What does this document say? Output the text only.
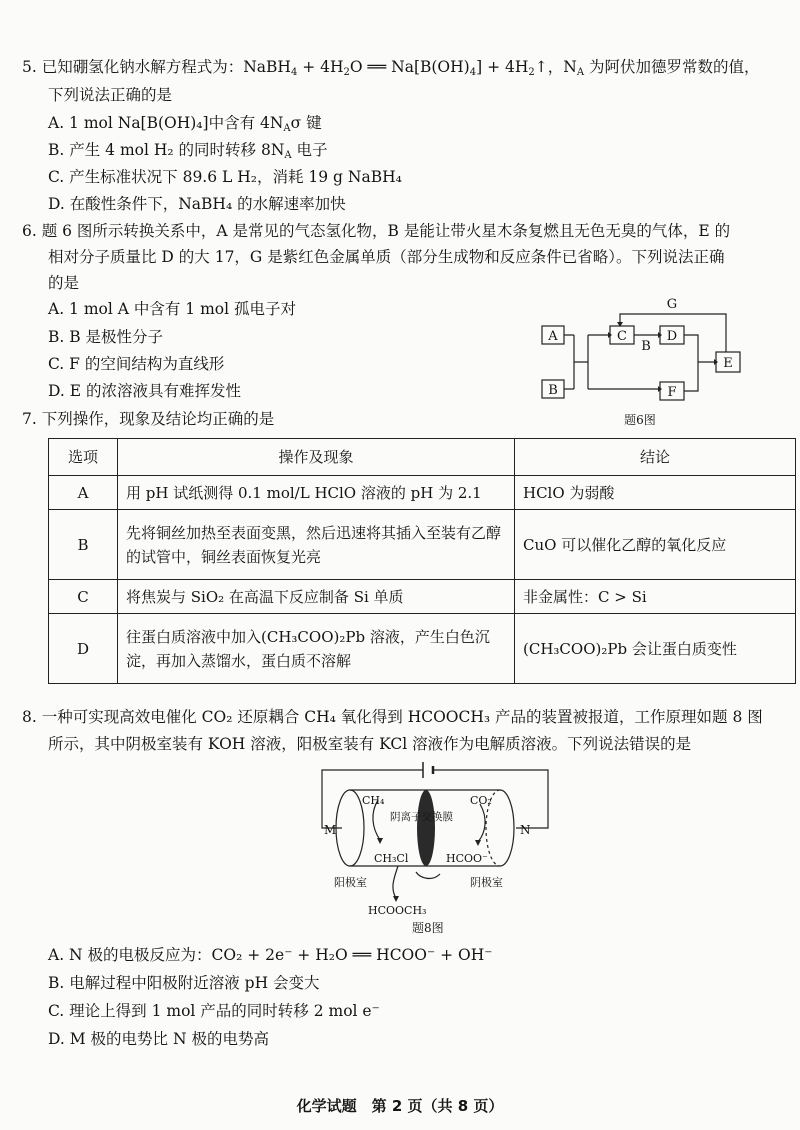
5. 已知硼氢化钠水解方程式为：NaBH$_4$ + $4H_2O$ ══ $Na[B(OH)_4]$ + $4H_2↑$，$N_A$ 为阿伏加德罗常数的值，
下列说法正确的是
A. 1 mol Na[B(OH)₄]中含有 $4N_A\sigma$ 键
B. 产生 4 mol H₂ 的同时转移 $8N_A$ 电子
C. 产生标准状况下 89.6 L H₂，消耗 19 g NaBH₄
D. 在酸性条件下，NaBH₄ 的水解速率加快
6. 题 6 图所示转换关系中，A 是常见的气态氢化物，B 是能让带火星木条复燃且无色无臭的气体，E 的
相对分子质量比 D 的大 17，G 是紫红色金属单质（部分生成物和反应条件已省略）。下列说法正确
的是
A. 1 mol A 中含有 1 mol 孤电子对
B. B 是极性分子
C. F 的空间结构为直线形
D. E 的浓溶液具有难挥发性
A
B
C	D
E
F
G
B
题6图
7. 下列操作，现象及结论均正确的是
选项	操作及现象	结论
A	用 pH 试纸测得 0.1 mol/L HClO 溶液的 pH 为 2.1	HClO 为弱酸
B	先将铜丝加热至表面变黑，然后迅速将其插入至装有乙醇的试管中，铜丝表面恢复光亮	CuO 可以催化乙醇的氧化反应
C	将焦炭与 SiO₂ 在高温下反应制备 Si 单质	非金属性：C > Si
D	往蛋白质溶液中加入(CH₃COO)₂Pb 溶液，产生白色沉淀，再加入蒸馏水，蛋白质不溶解	(CH₃COO)₂Pb 会让蛋白质变性
8. 一种可实现高效电催化 CO₂ 还原耦合 CH₄ 氧化得到 HCOOCH₃ 产品的装置被报道，工作原理如题 8 图
所示，其中阴极室装有 KOH 溶液，阳极室装有 KCl 溶液作为电解质溶液。下列说法错误的是
M	N
CH₄	CO₂
阴离子交换膜
CH₃Cl	HCOO⁻
阳极室	阴极室
HCOOCH₃
题8图
A. N 极的电极反应为：CO₂ + 2e⁻ + H₂O ══ HCOO⁻ + OH⁻
B. 电解过程中阳极附近溶液 pH 会变大
C. 理论上得到 1 mol 产品的同时转移 2 mol e⁻
D. M 极的电势比 N 极的电势高
化学试题　第 2 页（共 8 页）
